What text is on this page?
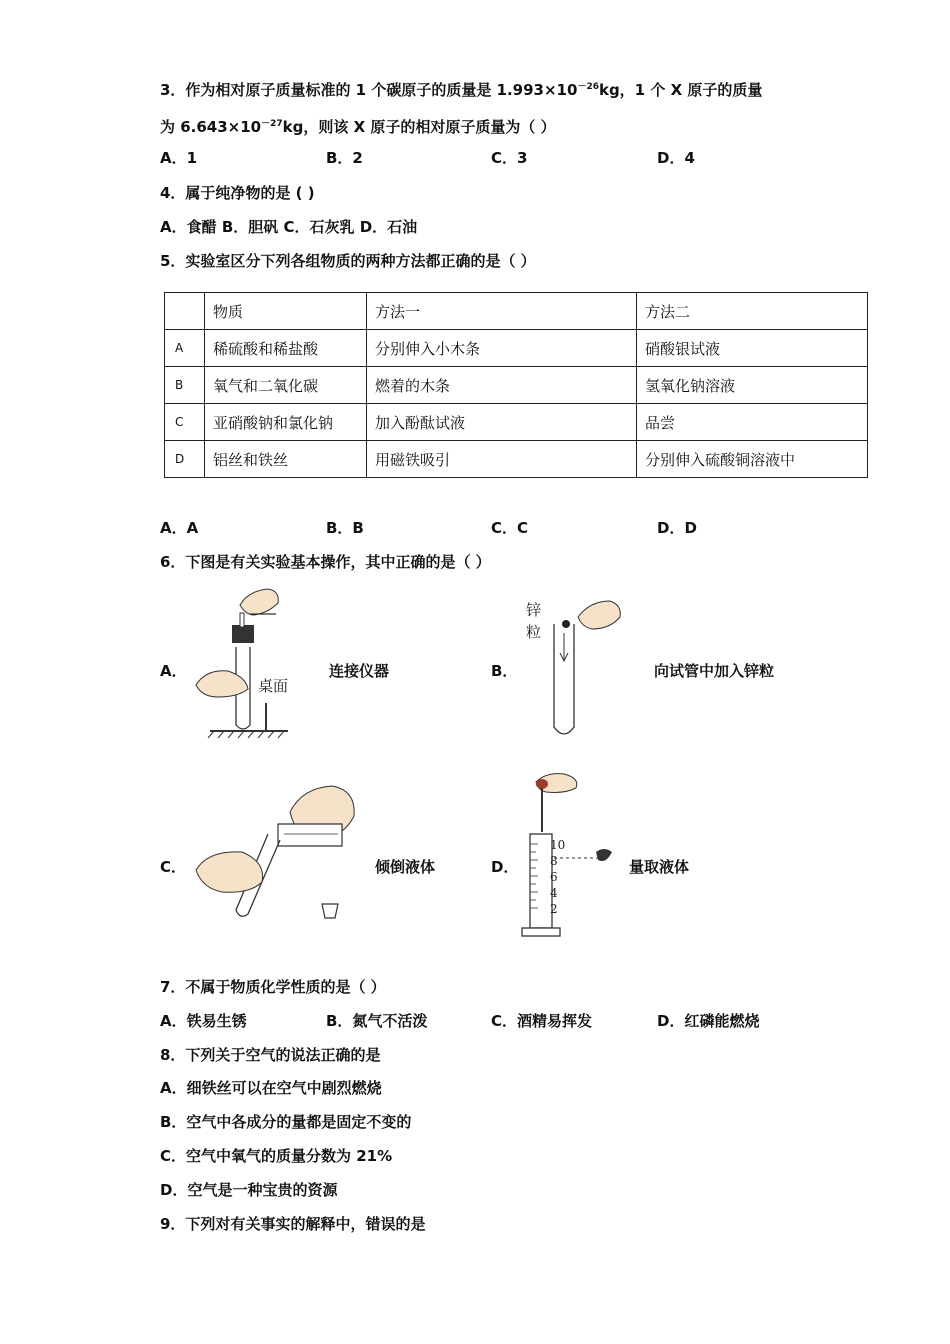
3．作为相对原子质量标准的 1 个碳原子的质量是 $1.993\times 10^{-26}kg$，1 个 X 原子的质量
为 $6.643\times 10^{-27}kg$，则该 X 原子的相对原子质量为（ ）
A．1	B．2	C．3	D．4
4．属于纯净物的是 ( )
A．食醋 B．胆矾 C．石灰乳 D．石油
5．实验室区分下列各组物质的两种方法都正确的是（ ）
	物质	方法一	方法二
A	稀硫酸和稀盐酸	分别伸入小木条	硝酸银试液
B	氧气和二氧化碳	燃着的木条	氢氧化钠溶液
C	亚硝酸钠和氯化钠	加入酚酞试液	品尝
D	铝丝和铁丝	用磁铁吸引	分别伸入硫酸铜溶液中
A．A	B．B	C．C	D．D
6．下图是有关实验基本操作，其中正确的是（ ）
A．
桌面
连接仪器	B．
锌
粒
向试管中加入锌粒
C．	倾倒液体	D．
10
8
6
4
2
量取液体
7．不属于物质化学性质的是（ ）
A．铁易生锈	B．氮气不活泼	C．酒精易挥发	D．红磷能燃烧
8．下列关于空气的说法正确的是
A．细铁丝可以在空气中剧烈燃烧
B．空气中各成分的量都是固定不变的
C．空气中氧气的质量分数为 21%
D．空气是一种宝贵的资源
9．下列对有关事实的解释中，错误的是
